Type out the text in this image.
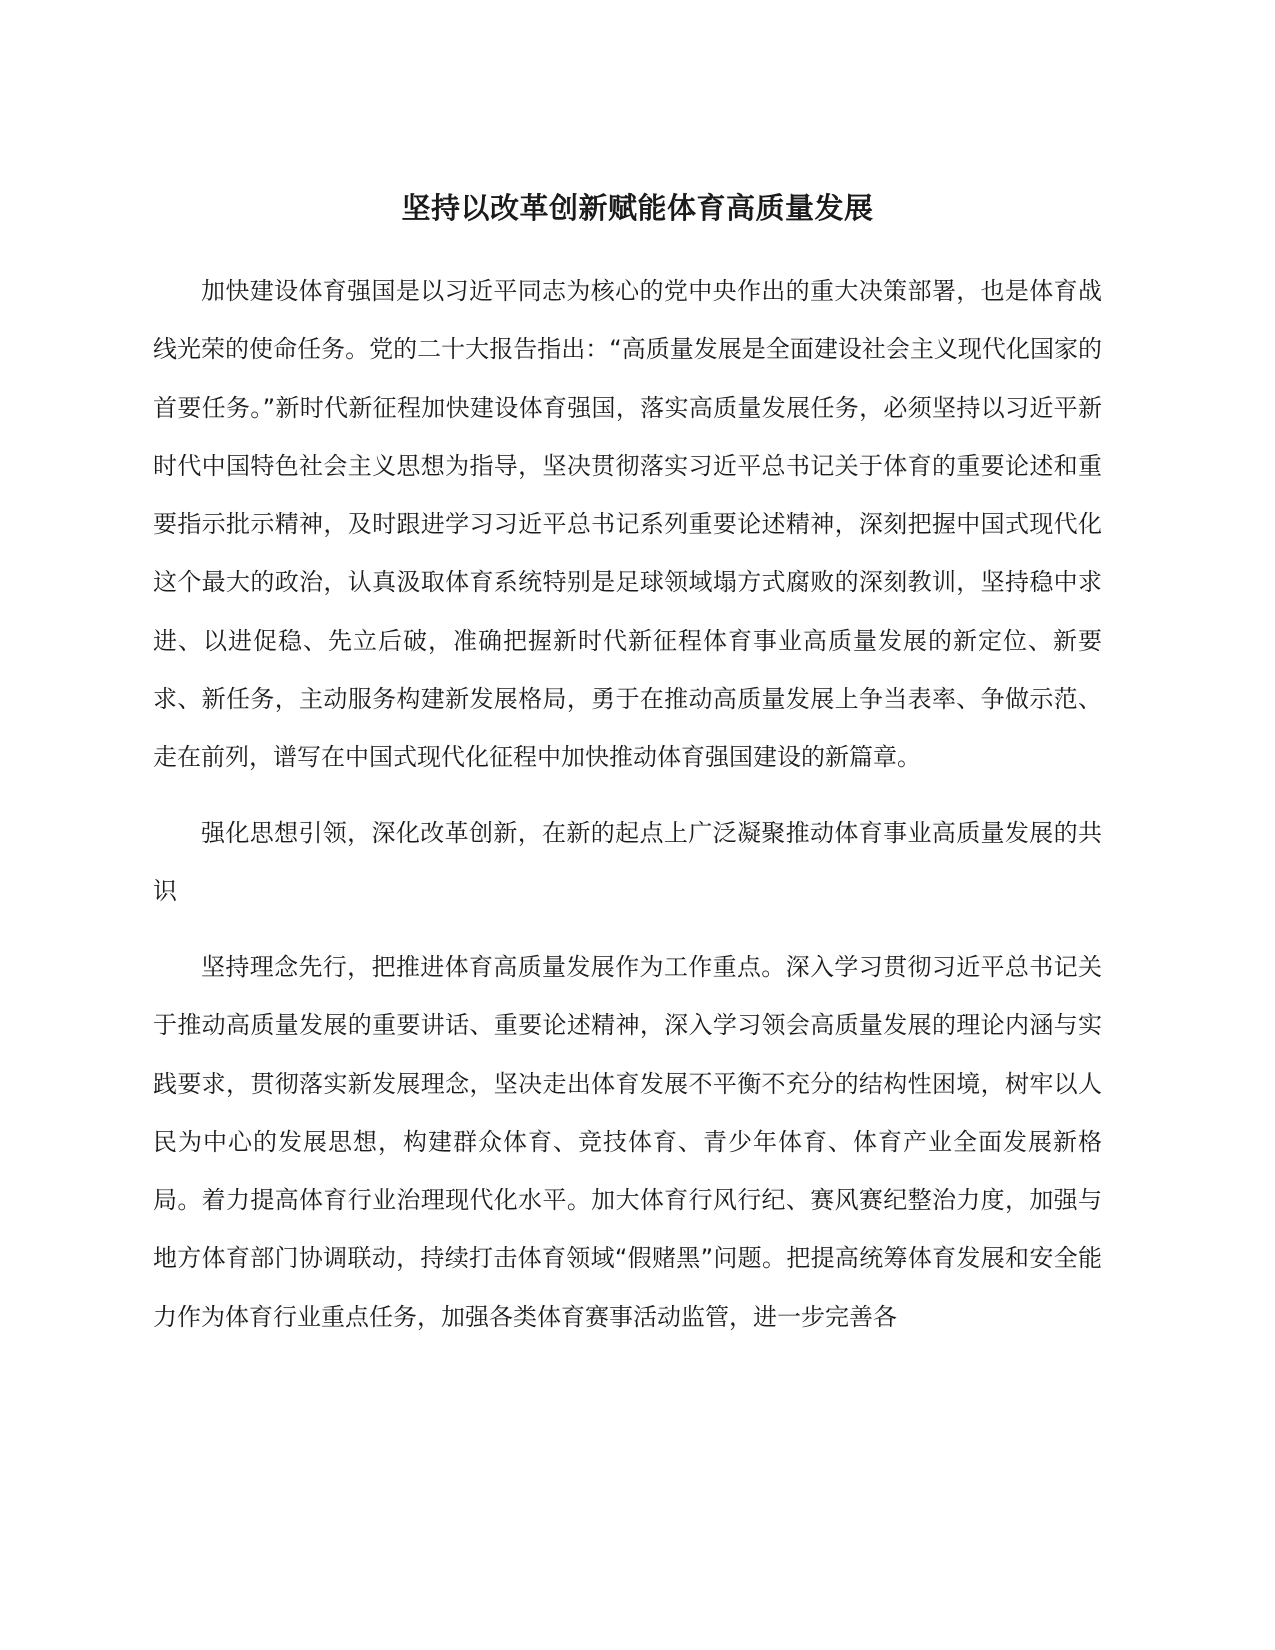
坚持以改革创新赋能体育高质量发展

加快建设体育强国是以习近平同志为核心的党中央作出的重大决策部署，也是体育战线光荣的使命任务。党的二十大报告指出：“高质量发展是全面建设社会主义现代化国家的首要任务。”新时代新征程加快建设体育强国，落实高质量发展任务，必须坚持以习近平新时代中国特色社会主义思想为指导，坚决贯彻落实习近平总书记关于体育的重要论述和重要指示批示精神，及时跟进学习习近平总书记系列重要论述精神，深刻把握中国式现代化这个最大的政治，认真汲取体育系统特别是足球领域塌方式腐败的深刻教训，坚持稳中求进、以进促稳、先立后破，准确把握新时代新征程体育事业高质量发展的新定位、新要求、新任务，主动服务构建新发展格局，勇于在推动高质量发展上争当表率、争做示范、走在前列，谱写在中国式现代化征程中加快推动体育强国建设的新篇章。

强化思想引领，深化改革创新，在新的起点上广泛凝聚推动体育事业高质量发展的共识

坚持理念先行，把推进体育高质量发展作为工作重点。深入学习贯彻习近平总书记关于推动高质量发展的重要讲话、重要论述精神，深入学习领会高质量发展的理论内涵与实践要求，贯彻落实新发展理念，坚决走出体育发展不平衡不充分的结构性困境，树牢以人民为中心的发展思想，构建群众体育、竞技体育、青少年体育、体育产业全面发展新格局。着力提高体育行业治理现代化水平。加大体育行风行纪、赛风赛纪整治力度，加强与地方体育部门协调联动，持续打击体育领域“假赌黑”问题。把提高统筹体育发展和安全能力作为体育行业重点任务，加强各类体育赛事活动监管，进一步完善各
